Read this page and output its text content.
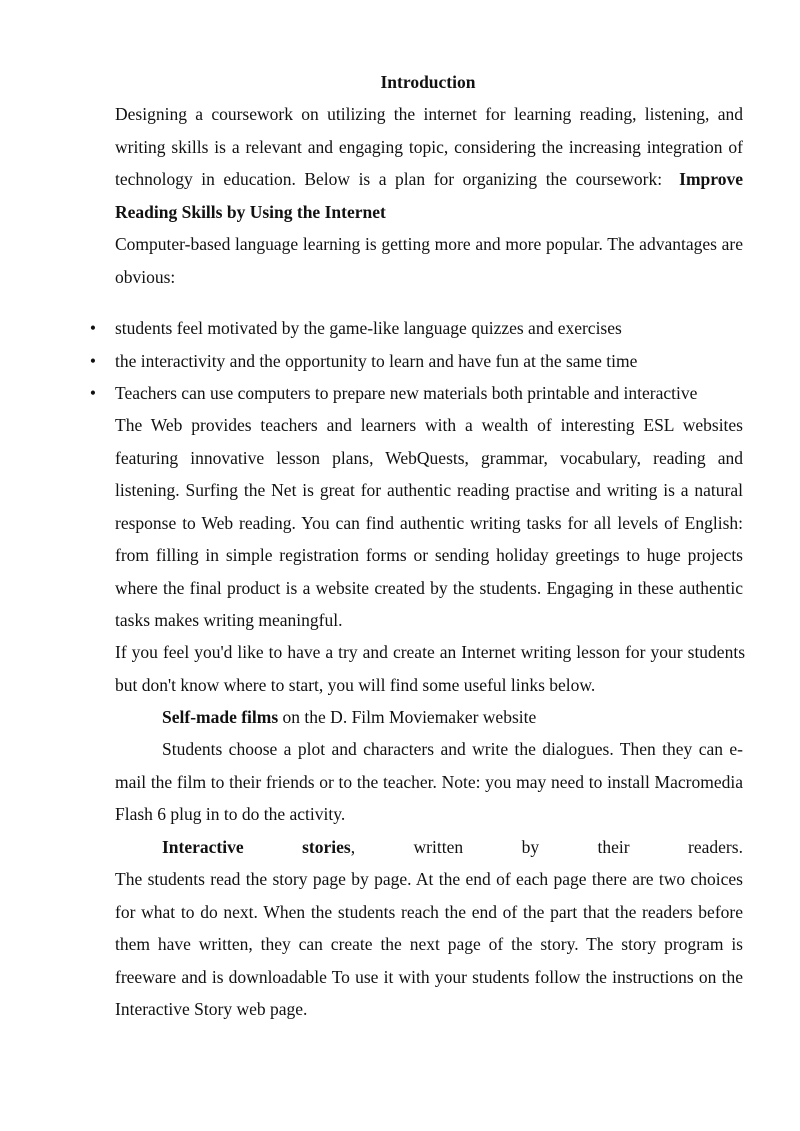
Introduction
Designing a coursework on utilizing the internet for learning reading, listening, and writing skills is a relevant and engaging topic, considering the increasing integration of technology in education. Below is a plan for organizing the coursework: Improve Reading Skills by Using the Internet
Computer-based language learning is getting more and more popular. The advantages are obvious:
• students feel motivated by the game-like language quizzes and exercises
• the interactivity and the opportunity to learn and have fun at the same time
• Teachers can use computers to prepare new materials both printable and interactive
The Web provides teachers and learners with a wealth of interesting ESL websites featuring innovative lesson plans, WebQuests, grammar, vocabulary, reading and listening. Surfing the Net is great for authentic reading practise and writing is a natural response to Web reading. You can find authentic writing tasks for all levels of English: from filling in simple registration forms or sending holiday greetings to huge projects where the final product is a website created by the students. Engaging in these authentic tasks makes writing meaningful.
If you feel you'd like to have a try and create an Internet writing lesson for your students but don't know where to start, you will find some useful links below.
Self-made films on the D. Film Moviemaker website
Students choose a plot and characters and write the dialogues. Then they can e-mail the film to their friends or to the teacher. Note: you may need to install Macromedia Flash 6 plug in to do the activity.
Interactive	stories,	written	by	their	readers.
The students read the story page by page. At the end of each page there are two choices for what to do next. When the students reach the end of the part that the readers before them have written, they can create the next page of the story. The story program is freeware and is downloadable To use it with your students follow the instructions on the Interactive Story web page.
